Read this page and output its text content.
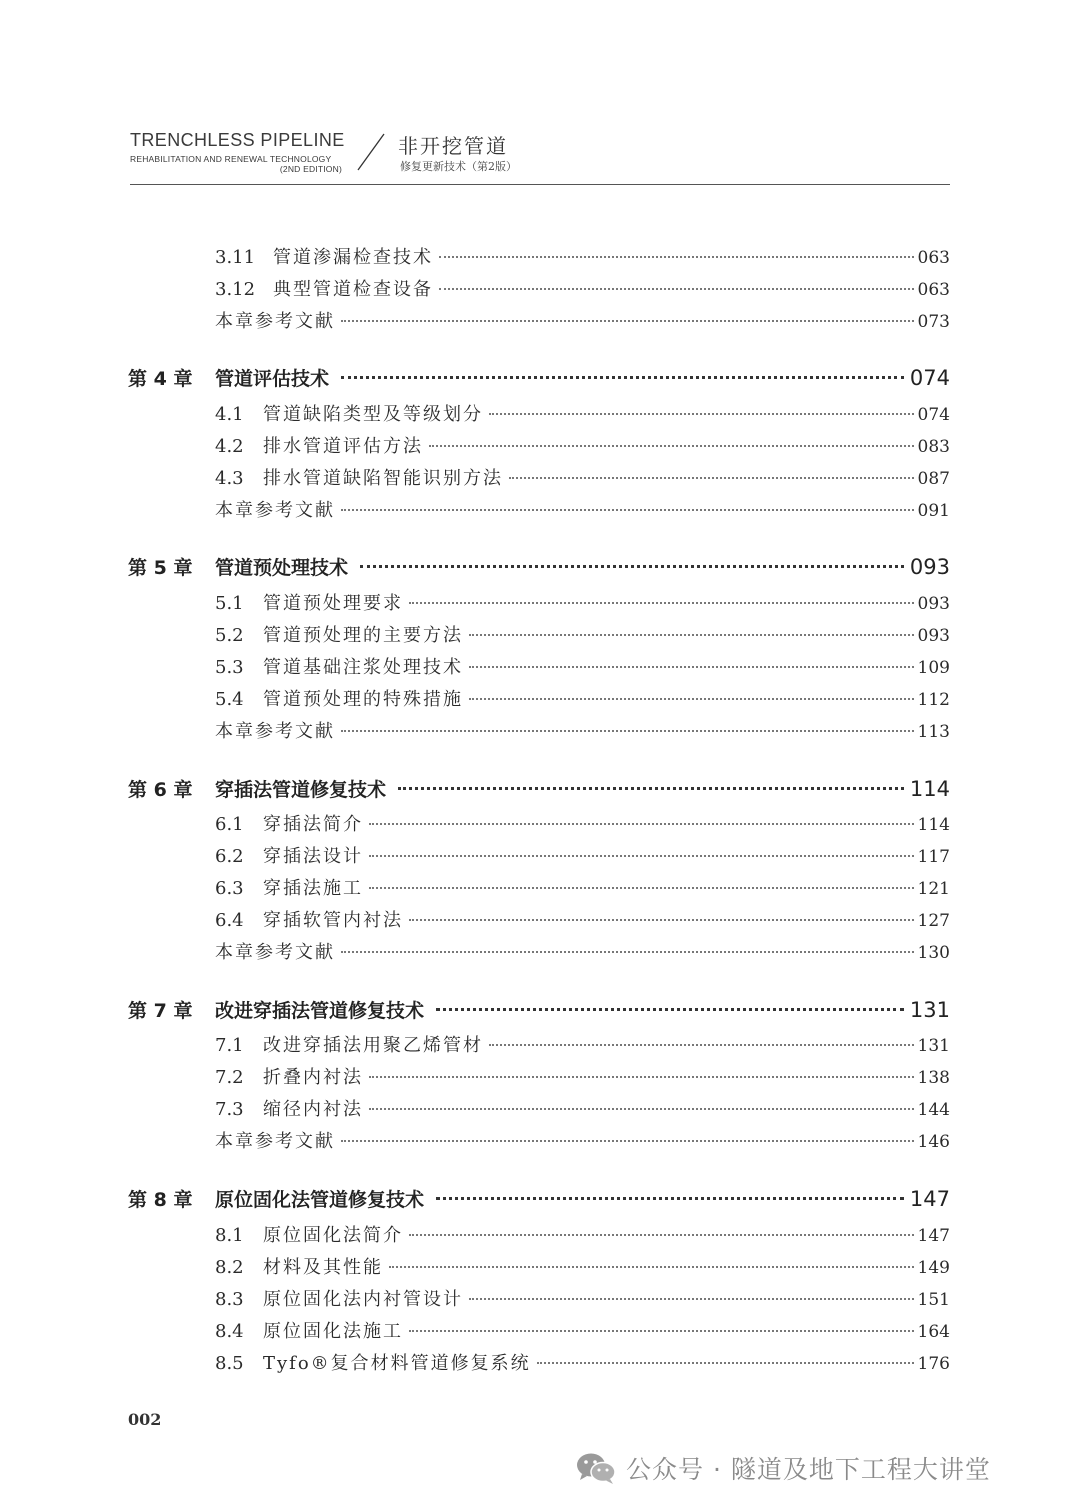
TRENCHLESS PIPELINE
REHABILITATION AND RENEWAL TECHNOLOGY
(2ND EDITION)
非开挖管道
修复更新技术（第2版）
3.11 管道渗漏检查技术	063
3.12 典型管道检查设备	063
本章参考文献	073
第 4 章	管道评估技术	074
4.1	管道缺陷类型及等级划分	074
4.2	排水管道评估方法	083
4.3	排水管道缺陷智能识别方法	087
本章参考文献	091
第 5 章	管道预处理技术	093
5.1	管道预处理要求	093
5.2	管道预处理的主要方法	093
5.3	管道基础注浆处理技术	109
5.4	管道预处理的特殊措施	112
本章参考文献	113
第 6 章	穿插法管道修复技术	114
6.1	穿插法简介	114
6.2	穿插法设计	117
6.3	穿插法施工	121
6.4	穿插软管内衬法	127
本章参考文献	130
第 7 章	改进穿插法管道修复技术	131
7.1	改进穿插法用聚乙烯管材	131
7.2	折叠内衬法	138
7.3	缩径内衬法	144
本章参考文献	146
第 8 章	原位固化法管道修复技术	147
8.1	原位固化法简介	147
8.2	材料及其性能	149
8.3	原位固化法内衬管设计	151
8.4	原位固化法施工	164
8.5	Tyfo®复合材料管道修复系统	176
002
公众号 · 隧道及地下工程大讲堂
